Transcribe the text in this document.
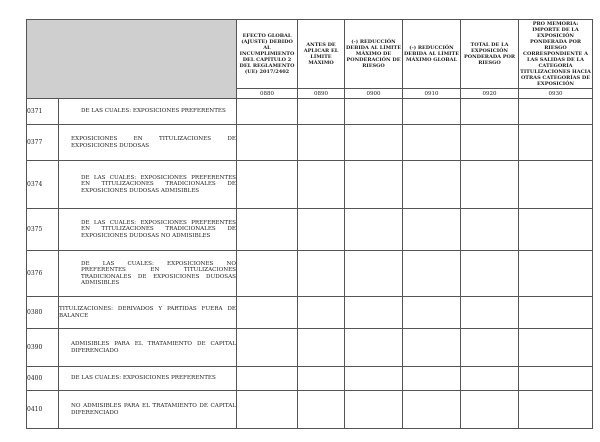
		EFECTO GLOBAL (AJUSTE) DEBIDO AL INCUMPLIMIENTO DEL CAPÍTULO 2 DEL REGLAMENTO (UE) 2017/2402	ANTES DE APLICAR EL LÍMITE MÁXIMO	(-) REDUCCIÓN DEBIDA AL LÍMITE MÁXIMO DE PONDERACIÓN DE RIESGO	(-) REDUCCIÓN DEBIDA AL LÍMITE MÁXIMO GLOBAL	TOTAL DE LA EXPOSICIÓN PONDERADA POR RIESGO	PRO MEMORIA: IMPORTE DE LA EXPOSICIÓN PONDERADA POR RIESGO CORRESPONDIENTE A LAS SALIDAS DE LA CATEGORÍA TITULIZACIONES HACIA OTRAS CATEGORÍAS DE EXPOSICIÓN
		0880	0890	0900	0910	0920	0930
0371	DE LAS CUALES: EXPOSICIONES PREFERENTES						
0377	EXPOSICIONES EN TITULIZACIONES DE EXPOSICIONES DUDOSAS						
0374	DE LAS CUALES: EXPOSICIONES PREFERENTES EN TITULIZACIONES TRADICIONALES DE EXPOSICIONES DUDOSAS ADMISIBLES						
0375	DE LAS CUALES: EXPOSICIONES PREFERENTES EN TITULIZACIONES TRADICIONALES DE EXPOSICIONES DUDOSAS NO ADMISIBLES						
0376	DE LAS CUALES: EXPOSICIONES NO PREFERENTES EN TITULIZACIONES TRADICIONALES DE EXPOSICIONES DUDOSAS ADMISIBLES						
0380	TITULIZACIONES: DERIVADOS Y PARTIDAS FUERA DE BALANCE						
0390	ADMISIBLES PARA EL TRATAMIENTO DE CAPITAL DIFERENCIADO						
0400	DE LAS CUALES: EXPOSICIONES PREFERENTES						
0410	NO ADMISIBLES PARA EL TRATAMIENTO DE CAPITAL DIFERENCIADO						
